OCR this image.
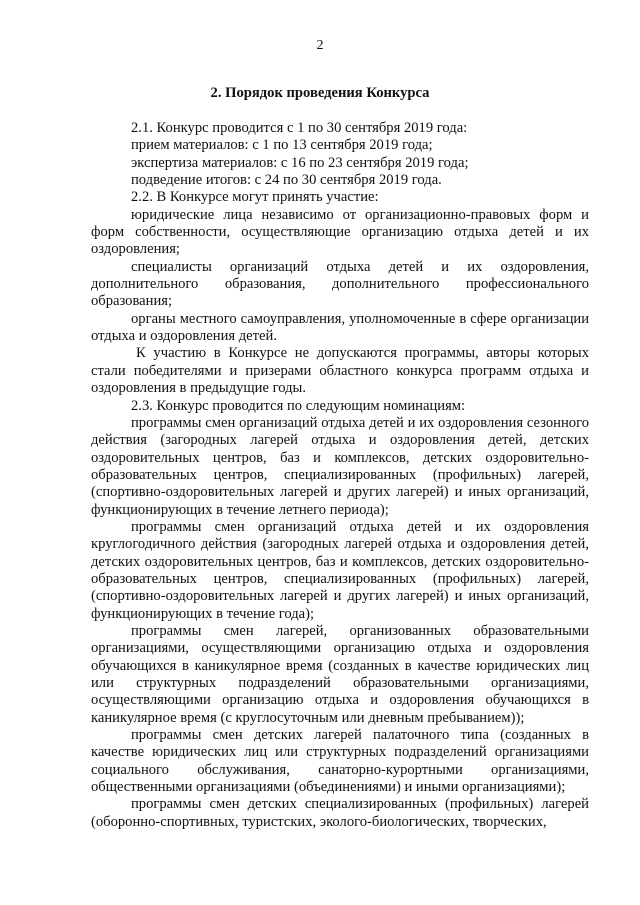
2
2. Порядок проведения Конкурса

2.1. Конкурс проводится с 1 по 30 сентября 2019 года:

прием материалов: с 1 по 13 сентября 2019 года;

экспертиза материалов: с 16 по 23 сентября 2019 года;

подведение итогов: с 24 по 30 сентября 2019 года.

2.2. В Конкурсе могут принять участие:

юридические лица независимо от организационно-правовых форм и форм собственности, осуществляющие организацию отдыха детей и их оздоровления;

специалисты организаций отдыха детей и их оздоровления, дополнительного образования, дополнительного профессионального образования;

органы местного самоуправления, уполномоченные в сфере организации отдыха и оздоровления детей.

К участию в Конкурсе не допускаются программы, авторы которых стали победителями и призерами областного конкурса программ отдыха и оздоровления в предыдущие годы.

2.3. Конкурс проводится по следующим номинациям:

программы смен организаций отдыха детей и их оздоровления сезонного действия (загородных лагерей отдыха и оздоровления детей, детских оздоровительных центров, баз и комплексов, детских оздоровительно-образовательных центров, специализированных (профильных) лагерей, (спортивно-оздоровительных лагерей и других лагерей) и иных организаций, функционирующих в течение летнего периода);

программы смен организаций отдыха детей и их оздоровления круглогодичного действия (загородных лагерей отдыха и оздоровления детей, детских оздоровительных центров, баз и комплексов, детских оздоровительно-образовательных центров, специализированных (профильных) лагерей, (спортивно-оздоровительных лагерей и других лагерей) и иных организаций, функционирующих в течение года);

программы смен лагерей, организованных образовательными организациями, осуществляющими организацию отдыха и оздоровления обучающихся в каникулярное время (созданных в качестве юридических лиц или структурных подразделений образовательными организациями, осуществляющими организацию отдыха и оздоровления обучающихся в каникулярное время (с круглосуточным или дневным пребыванием));

программы смен детских лагерей палаточного типа (созданных в качестве юридических лиц или структурных подразделений организациями социального обслуживания, санаторно-курортными организациями, общественными организациями (объединениями) и иными организациями);

программы смен детских специализированных (профильных) лагерей (оборонно-спортивных, туристских, эколого-биологических, творческих,
